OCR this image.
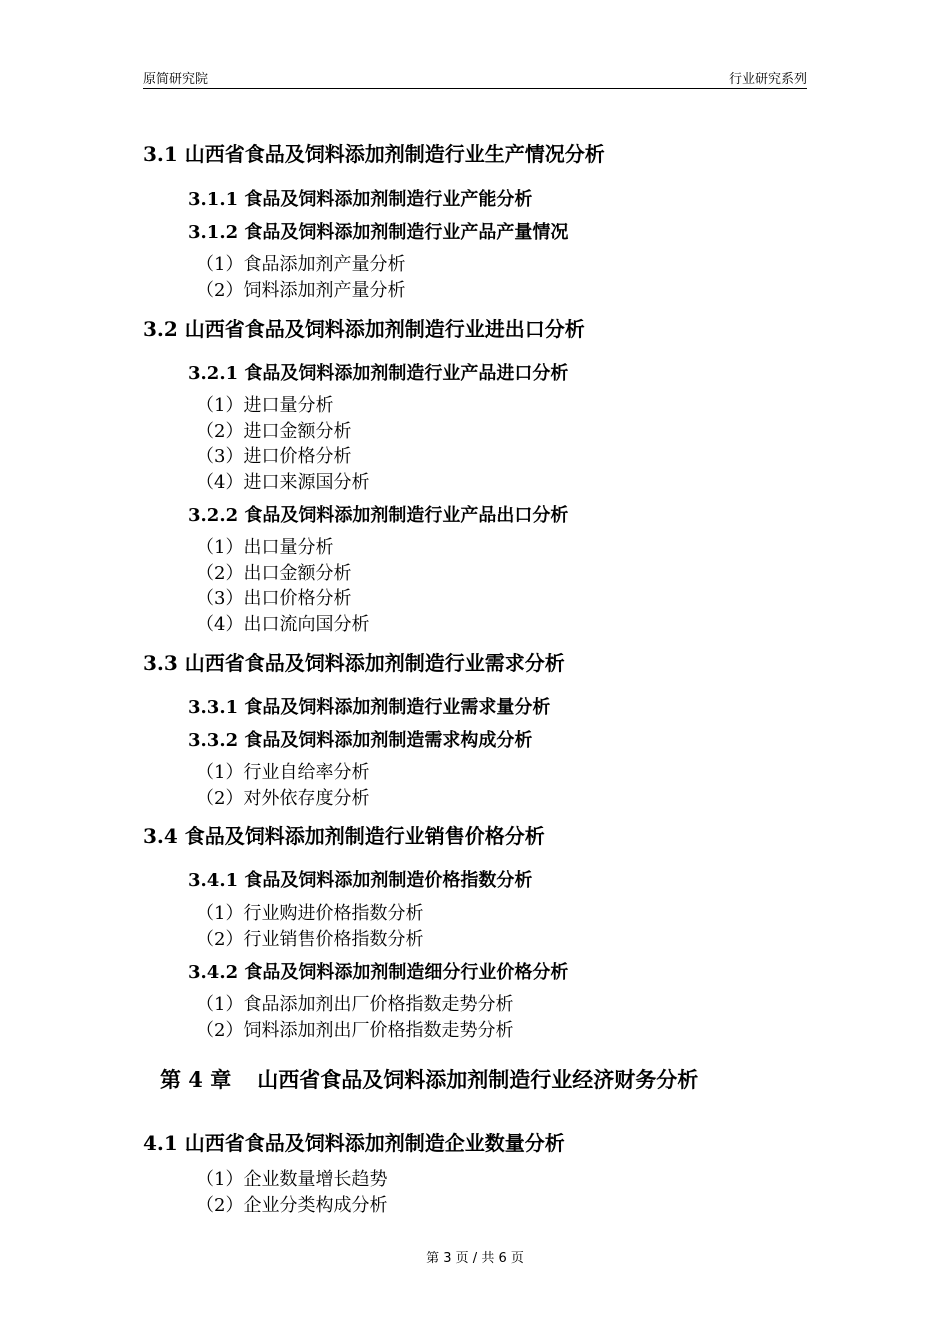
原简研究院	行业研究系列
3.1 山西省食品及饲料添加剂制造行业生产情况分析
3.1.1 食品及饲料添加剂制造行业产能分析
3.1.2 食品及饲料添加剂制造行业产品产量情况
（1）食品添加剂产量分析
（2）饲料添加剂产量分析
3.2 山西省食品及饲料添加剂制造行业进出口分析
3.2.1 食品及饲料添加剂制造行业产品进口分析
（1）进口量分析
（2）进口金额分析
（3）进口价格分析
（4）进口来源国分析
3.2.2 食品及饲料添加剂制造行业产品出口分析
（1）出口量分析
（2）出口金额分析
（3）出口价格分析
（4）出口流向国分析
3.3 山西省食品及饲料添加剂制造行业需求分析
3.3.1 食品及饲料添加剂制造行业需求量分析
3.3.2 食品及饲料添加剂制造需求构成分析
（1）行业自给率分析
（2）对外依存度分析
3.4 食品及饲料添加剂制造行业销售价格分析
3.4.1 食品及饲料添加剂制造价格指数分析
（1）行业购进价格指数分析
（2）行业销售价格指数分析
3.4.2 食品及饲料添加剂制造细分行业价格分析
（1）食品添加剂出厂价格指数走势分析
（2）饲料添加剂出厂价格指数走势分析
第 4 章 山西省食品及饲料添加剂制造行业经济财务分析
4.1 山西省食品及饲料添加剂制造企业数量分析
（1）企业数量增长趋势
（2）企业分类构成分析
第 3 页 / 共 6 页
